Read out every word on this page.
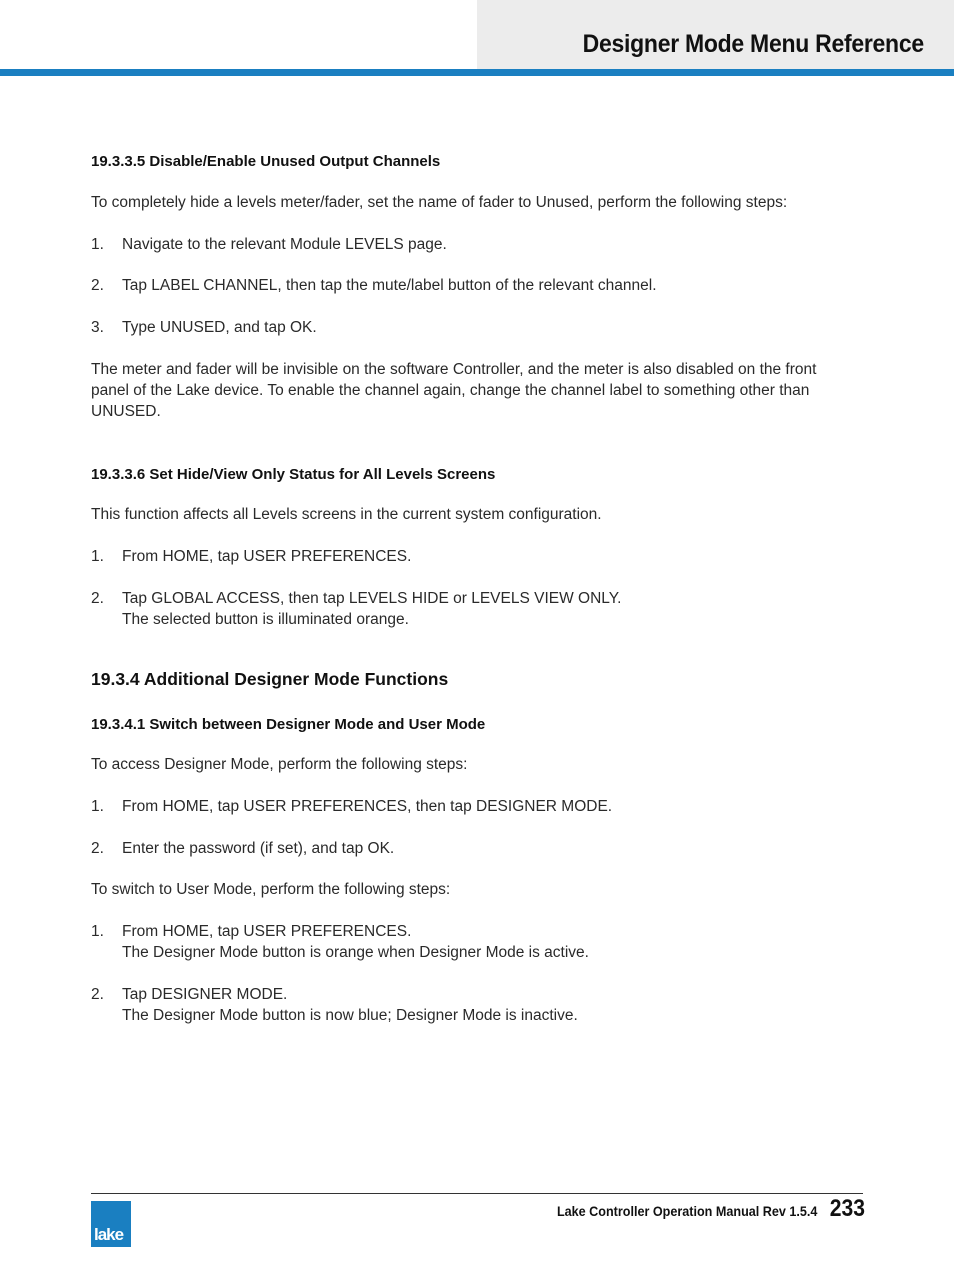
Designer Mode Menu Reference
19.3.3.5 Disable/Enable Unused Output Channels
To completely hide a levels meter/fader, set the name of fader to Unused, perform the following steps:
1. Navigate to the relevant Module LEVELS page.
2. Tap LABEL CHANNEL, then tap the mute/label button of the relevant channel.
3. Type UNUSED, and tap OK.
The meter and fader will be invisible on the software Controller, and the meter is also disabled on the front panel of the Lake device. To enable the channel again, change the channel label to something other than UNUSED.
19.3.3.6 Set Hide/View Only Status for All Levels Screens
This function affects all Levels screens in the current system configuration.
1. From HOME, tap USER PREFERENCES.
2. Tap GLOBAL ACCESS, then tap LEVELS HIDE or LEVELS VIEW ONLY.
The selected button is illuminated orange.
19.3.4 Additional Designer Mode Functions
19.3.4.1 Switch between Designer Mode and User Mode
To access Designer Mode, perform the following steps:
1. From HOME, tap USER PREFERENCES, then tap DESIGNER MODE.
2. Enter the password (if set), and tap OK.
To switch to User Mode, perform the following steps:
1. From HOME, tap USER PREFERENCES.
The Designer Mode button is orange when Designer Mode is active.
2. Tap DESIGNER MODE.
The Designer Mode button is now blue; Designer Mode is inactive.
lake
Lake Controller Operation Manual Rev 1.5.4 233
